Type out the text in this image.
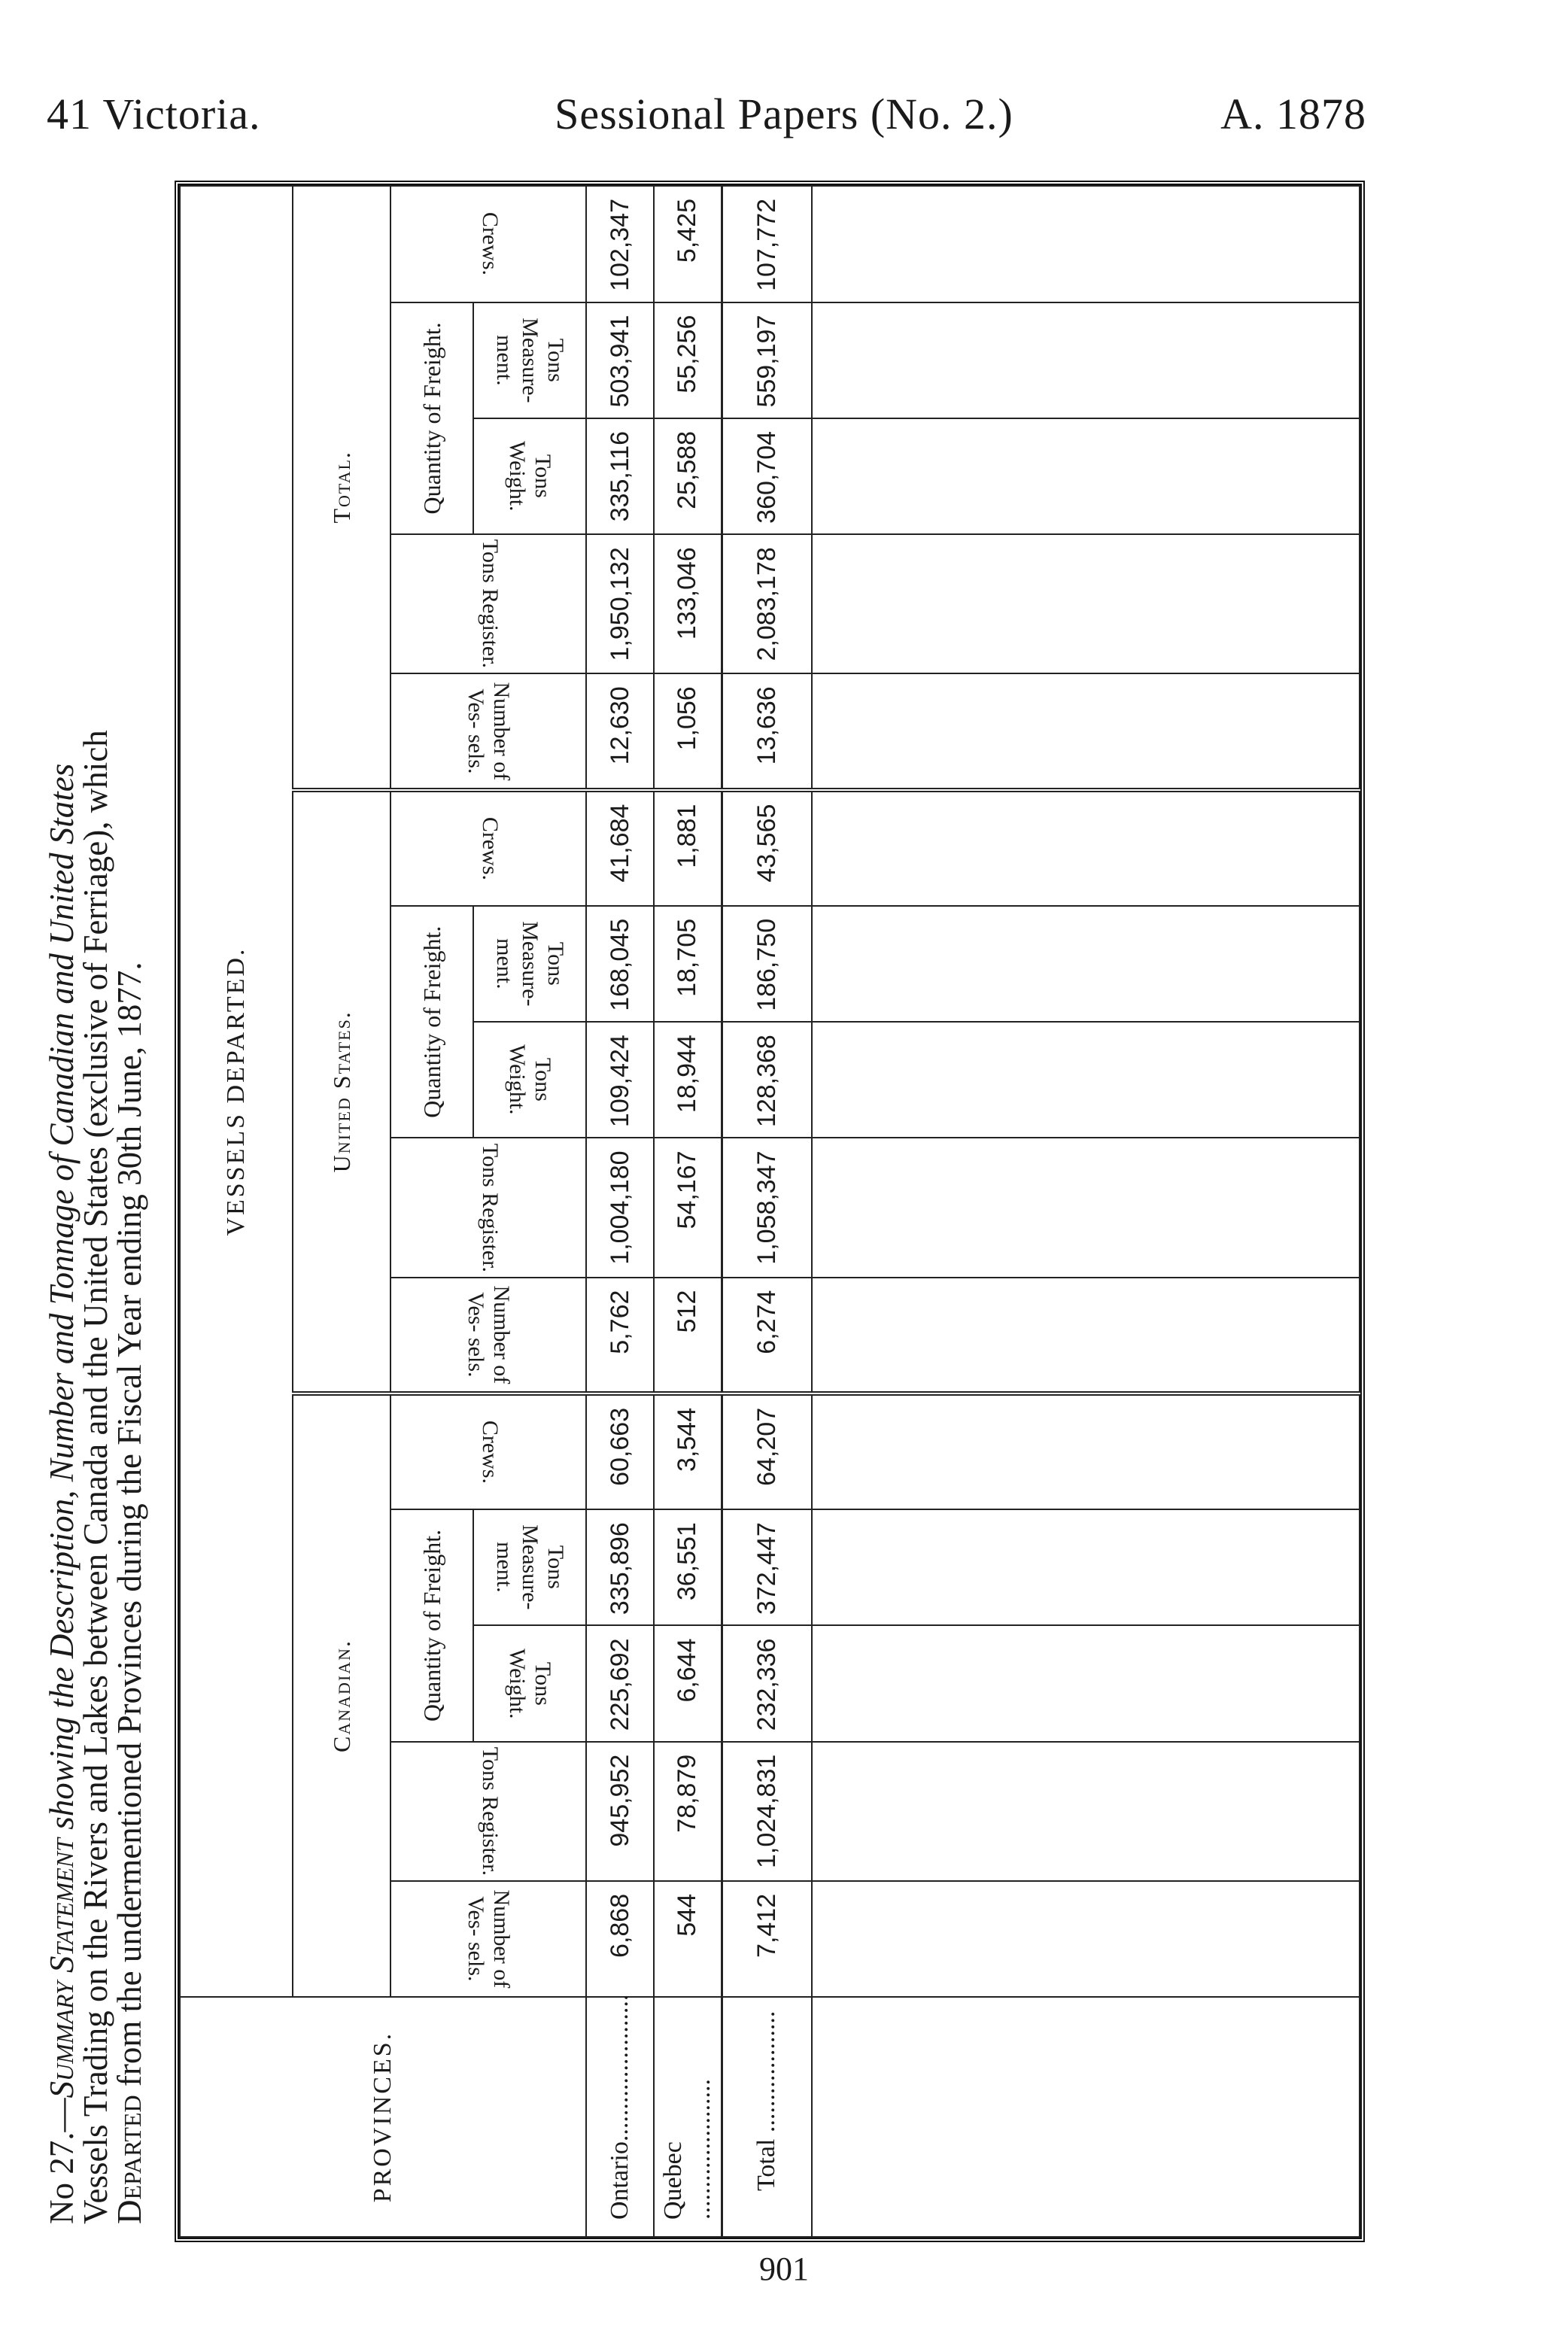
41 Victoria.	Sessional Papers (No. 2.)	A. 1878
No 27.—Summary Statement showing the Description, Number and Tonnage of Canadian and United States
Vessels Trading on the Rivers and Lakes between Canada and the United States (exclusive of Ferriage), which
Departed from the undermentioned Provinces during the Fiscal Year ending 30th June, 1877.
PROVINCES.	VESSELS DEPARTED.														
	Canadian.					United States.					Total.				
	Number of Ves- sels.	Tons Register.	Quantity of Freight.		Crews.	Number of Ves- sels.	Tons Register.	Quantity of Freight.		Crews.	Number of Ves- sels.	Tons Register.	Quantity of Freight.		Crews.
			Tons Weight.	Tons Measure- ment.				Tons Weight.	Tons Measure- ment.				Tons Weight.	Tons Measure- ment.	
Ontario.......................	6,868	945,952	225,692	335,896	60,663	5,762	1,004,180	109,424	168,045	41,684	12,630	1,950,132	335,116	503,941	102,347
Quebec ......................	544	78,879	6,644	36,551	3,544	512	54,167	18,944	18,705	1,881	1,056	133,046	25,588	55,256	5,425
Total ...................	7,412	1,024,831	232,336	372,447	64,207	6,274	1,058,347	128,368	186,750	43,565	13,636	2,083,178	360,704	559,197	107,772

901
